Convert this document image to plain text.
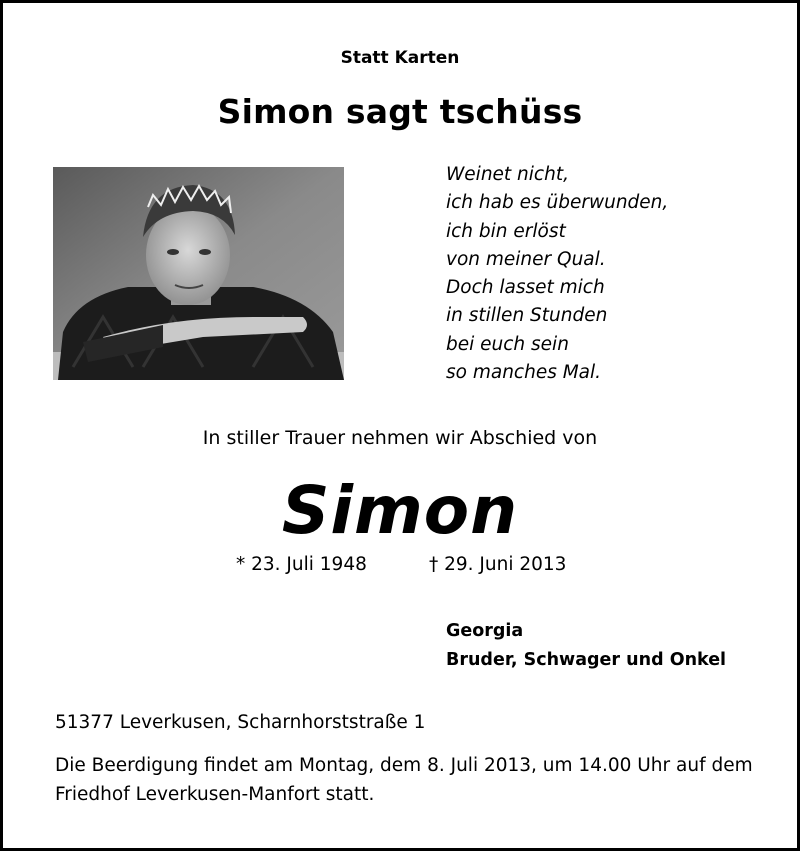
Statt Karten
Simon sagt tschüss
Weinet nicht,
ich hab es überwunden,
ich bin erlöst
von meiner Qual.
Doch lasset mich
in stillen Stunden
bei euch sein
so manches Mal.
In stiller Trauer nehmen wir Abschied von
Simon
* 23. Juli 1948	† 29. Juni 2013
Georgia
Bruder, Schwager und Onkel
51377 Leverkusen, Scharnhorststraße 1
Die Beerdigung findet am Montag, dem 8. Juli 2013, um 14.00 Uhr auf dem Friedhof Leverkusen-Manfort statt.
